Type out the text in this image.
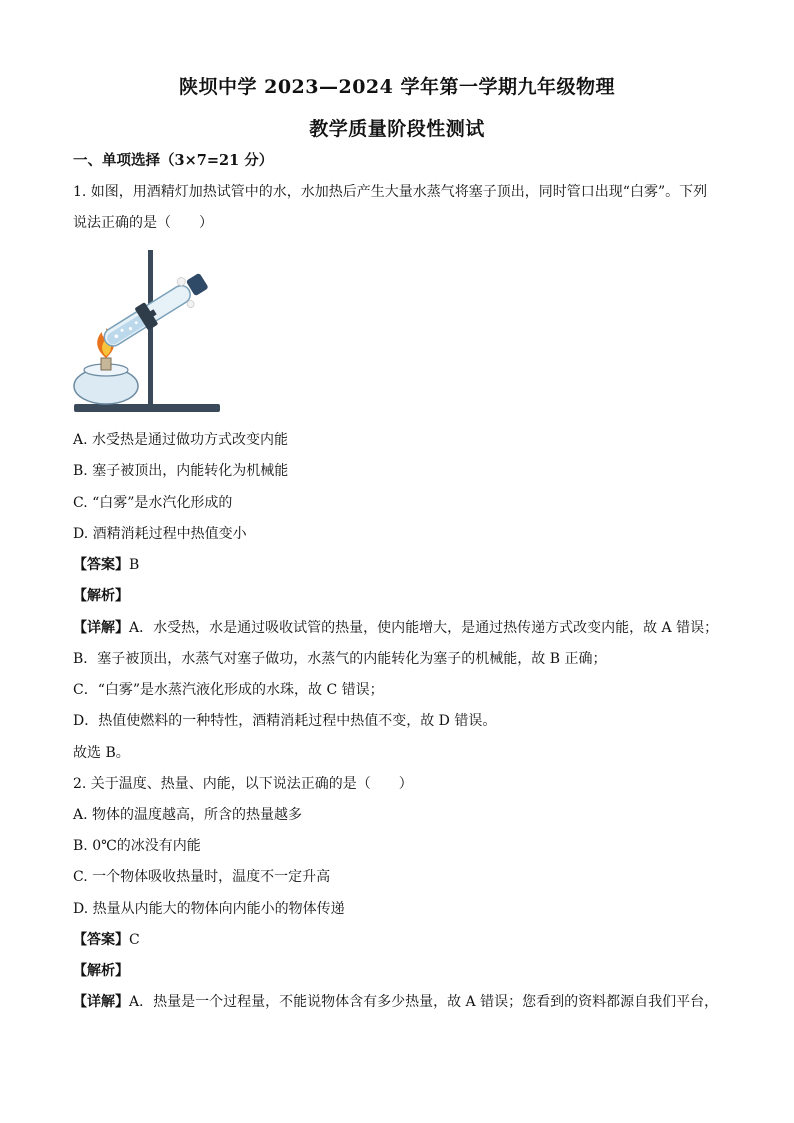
陕坝中学 2023—2024 学年第一学期九年级物理
教学质量阶段性测试
一、单项选择（3×7=21 分）
1. 如图，用酒精灯加热试管中的水，水加热后产生大量水蒸气将塞子顶出，同时管口出现“白雾”。下列
说法正确的是（　　）
A. 水受热是通过做功方式改变内能
B. 塞子被顶出，内能转化为机械能
C. “白雾”是水汽化形成的
D. 酒精消耗过程中热值变小
【答案】B
【解析】
【详解】A．水受热，水是通过吸收试管的热量，使内能增大，是通过热传递方式改变内能，故 A 错误；
B．塞子被顶出，水蒸气对塞子做功，水蒸气的内能转化为塞子的机械能，故 B 正确；
C．“白雾”是水蒸汽液化形成的水珠，故 C 错误；
D．热值使燃料的一种特性，酒精消耗过程中热值不变，故 D 错误。
故选 B。
2. 关于温度、热量、内能，以下说法正确的是（　　）
A. 物体的温度越高，所含的热量越多
B. 0℃的冰没有内能
C. 一个物体吸收热量时，温度不一定升高
D. 热量从内能大的物体向内能小的物体传递
【答案】C
【解析】
【详解】A．热量是一个过程量，不能说物体含有多少热量，故 A 错误；您看到的资料都源自我们平台，
